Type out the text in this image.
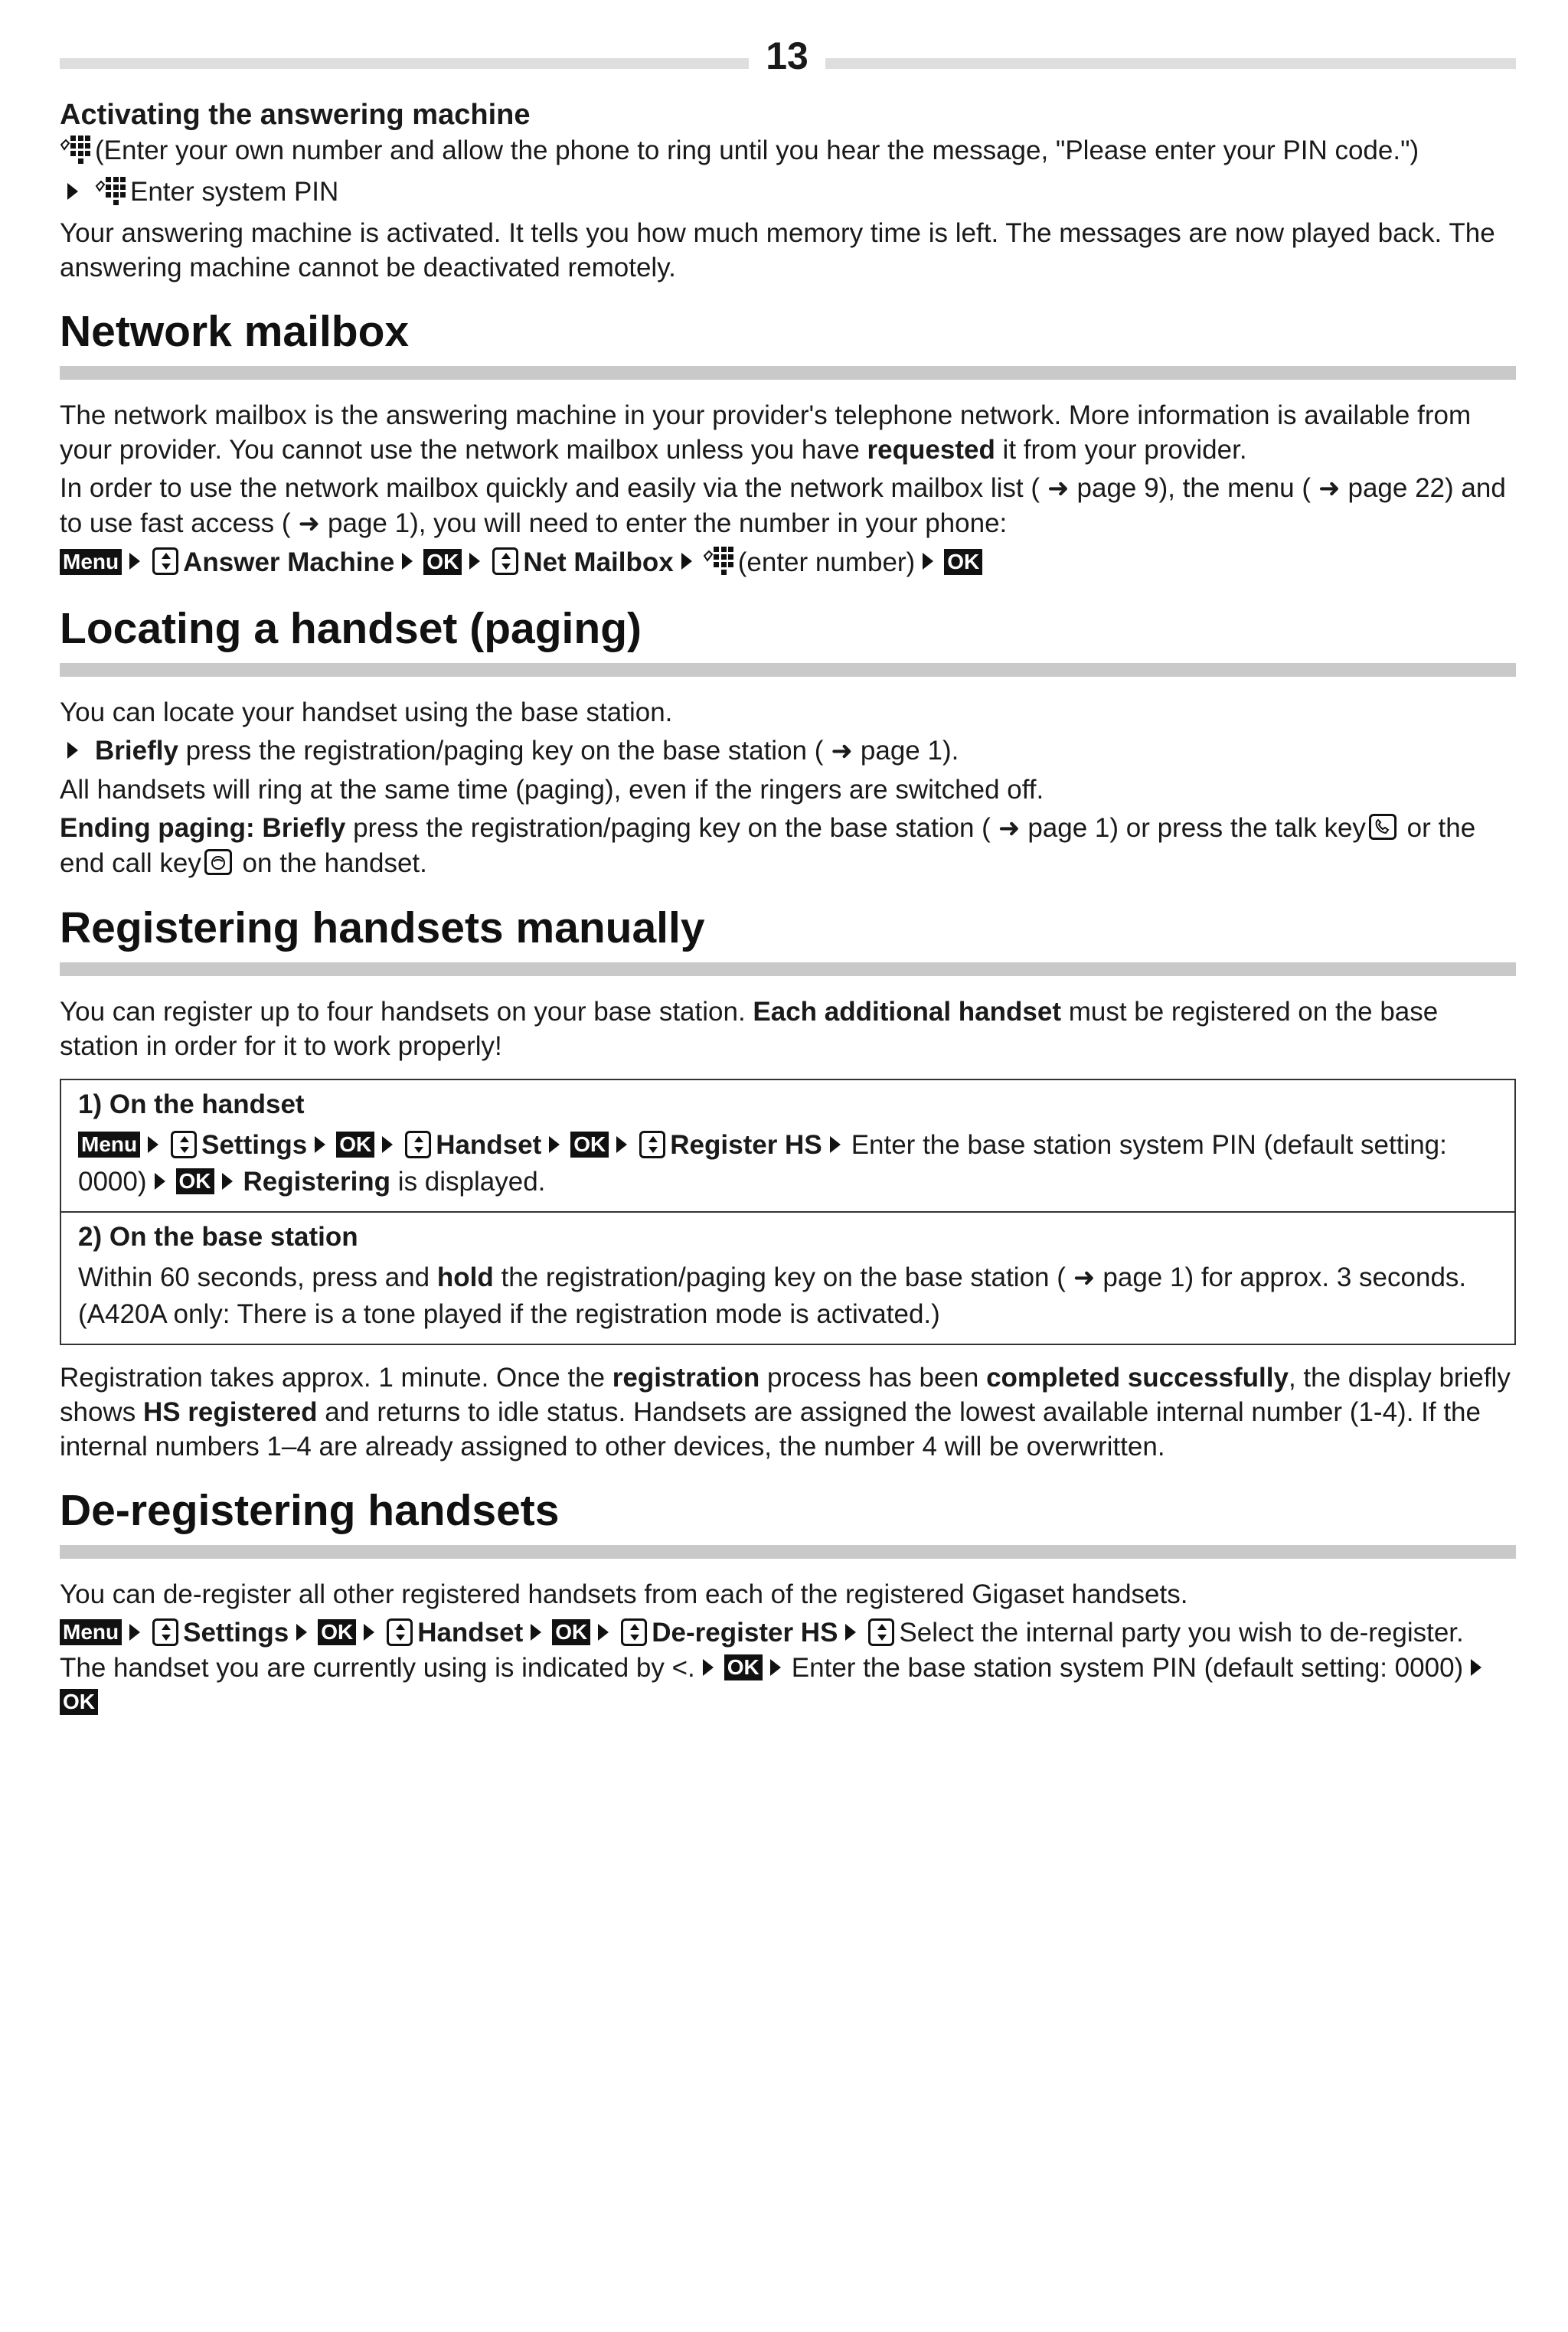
13
Activating the answering machine

(Enter your own number and allow the phone to ring until you hear the message, "Please enter your PIN code.")

Enter system PIN

Your answering machine is activated. It tells you how much memory time is left. The messages are now played back. The answering machine cannot be deactivated remotely.

Network mailbox

The network mailbox is the answering machine in your provider's telephone network. More information is available from your provider. You cannot use the network mailbox unless you have requested it from your provider.

In order to use the network mailbox quickly and easily via the network mailbox list ( ➜ page 9), the menu ( ➜ page 22) and to use fast access ( ➜ page 1), you will need to enter the number in your phone:

Menu Answer Machine OK Net Mailbox (enter number) OK

Locating a handset (paging)

You can locate your handset using the base station.

Briefly press the registration/paging key on the base station ( ➜ page 1).

All handsets will ring at the same time (paging), even if the ringers are switched off.

Ending paging: Briefly press the registration/paging key on the base station ( ➜ page 1) or press the talk key
or the end call key
on the handset.

Registering handsets manually

You can register up to four handsets on your base station. Each additional handset must be registered on the base station in order for it to work properly!

1) On the handset

Menu Settings OK Handset OK Register HS Enter the base station system PIN (default setting: 0000) OK Registering is displayed.

2) On the base station

Within 60 seconds, press and hold the registration/paging key on the base station ( ➜ page 1) for approx. 3 seconds. (A420A only: There is a tone played if the registration mode is activated.)

Registration takes approx. 1 minute. Once the registration process has been completed successfully, the display briefly shows HS registered and returns to idle status. Handsets are assigned the lowest available internal number (1-4). If the internal numbers 1–4 are already assigned to other devices, the number 4 will be overwritten.

De-registering handsets

You can de-register all other registered handsets from each of the registered Gigaset handsets.

Menu Settings OK Handset OK De-register HS Select the internal party you wish to de-register. The handset you are currently using is indicated by <. OK Enter the base station system PIN (default setting: 0000)OK
